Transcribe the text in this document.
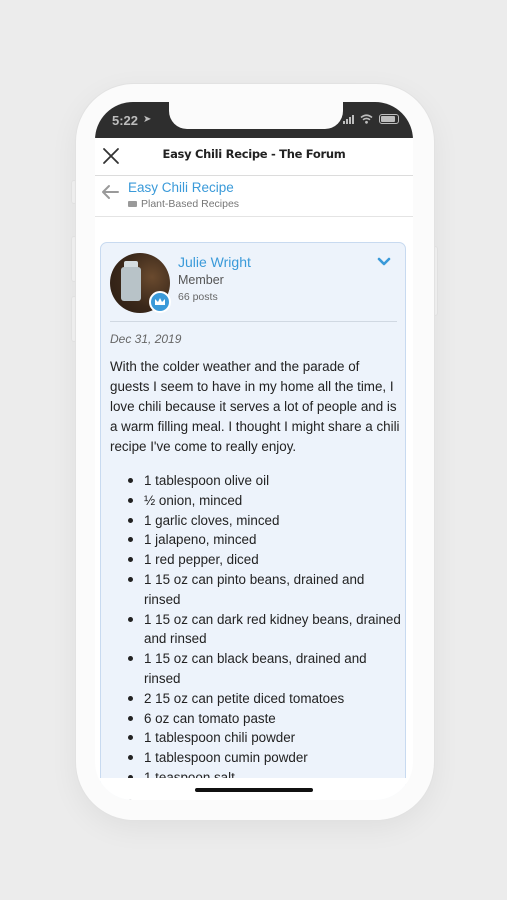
5:22 ➤
Easy Chili Recipe - The Forum
Easy Chili Recipe
Plant-Based Recipes
Julie Wright
Member
66 posts
Dec 31, 2019
With the colder weather and the parade of guests I seem to have in my home all the time, I love chili because it serves a lot of people and is a warm filling meal. I thought I might share a chili recipe I've come to really enjoy.
1 tablespoon olive oil
½ onion, minced
1 garlic cloves, minced
1 jalapeno, minced
1 red pepper, diced
1 15 oz can pinto beans, drained and rinsed
1 15 oz can dark red kidney beans, drained and rinsed
1 15 oz can black beans, drained and rinsed
2 15 oz can petite diced tomatoes
6 oz can tomato paste
1 tablespoon chili powder
1 tablespoon cumin powder
